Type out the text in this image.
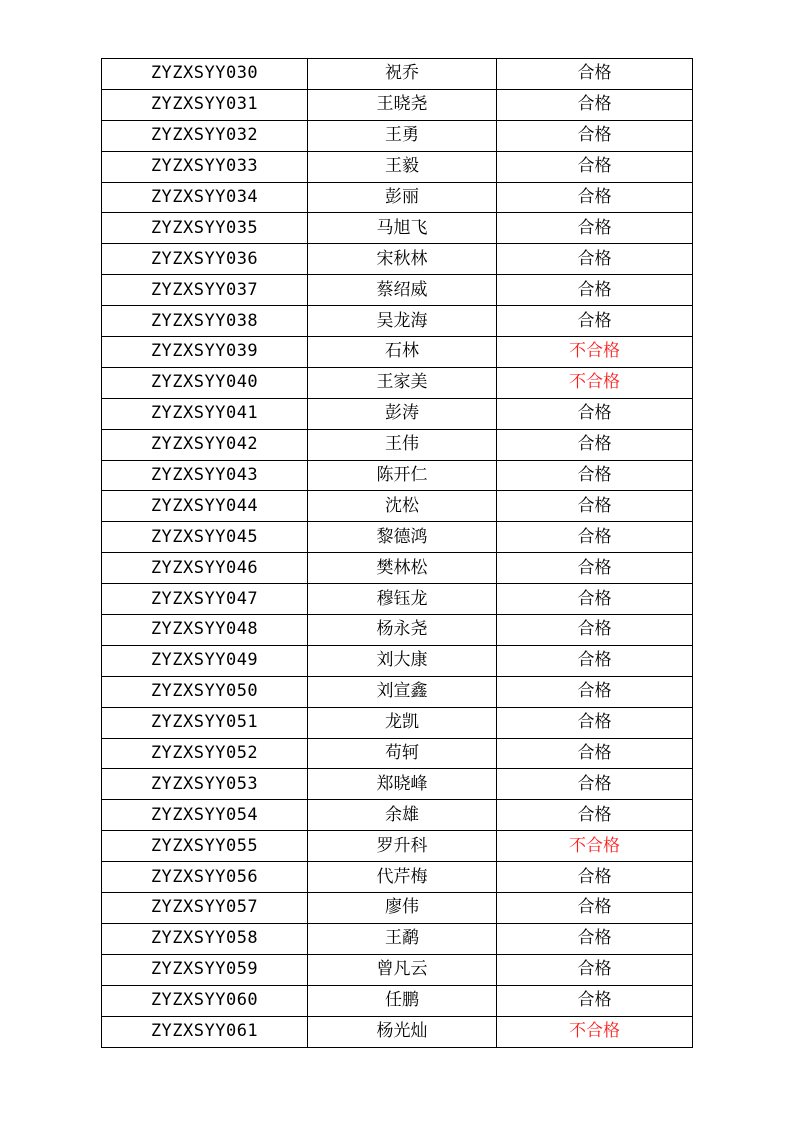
ZYZXSYY030	祝乔	合格
ZYZXSYY031	王晓尧	合格
ZYZXSYY032	王勇	合格
ZYZXSYY033	王毅	合格
ZYZXSYY034	彭丽	合格
ZYZXSYY035	马旭飞	合格
ZYZXSYY036	宋秋林	合格
ZYZXSYY037	蔡绍威	合格
ZYZXSYY038	吴龙海	合格
ZYZXSYY039	石林	不合格
ZYZXSYY040	王家美	不合格
ZYZXSYY041	彭涛	合格
ZYZXSYY042	王伟	合格
ZYZXSYY043	陈开仁	合格
ZYZXSYY044	沈松	合格
ZYZXSYY045	黎德鸿	合格
ZYZXSYY046	樊林松	合格
ZYZXSYY047	穆钰龙	合格
ZYZXSYY048	杨永尧	合格
ZYZXSYY049	刘大康	合格
ZYZXSYY050	刘宣鑫	合格
ZYZXSYY051	龙凯	合格
ZYZXSYY052	苟轲	合格
ZYZXSYY053	郑晓峰	合格
ZYZXSYY054	余雄	合格
ZYZXSYY055	罗升科	不合格
ZYZXSYY056	代芹梅	合格
ZYZXSYY057	廖伟	合格
ZYZXSYY058	王鹬	合格
ZYZXSYY059	曾凡云	合格
ZYZXSYY060	任鹏	合格
ZYZXSYY061	杨光灿	不合格
